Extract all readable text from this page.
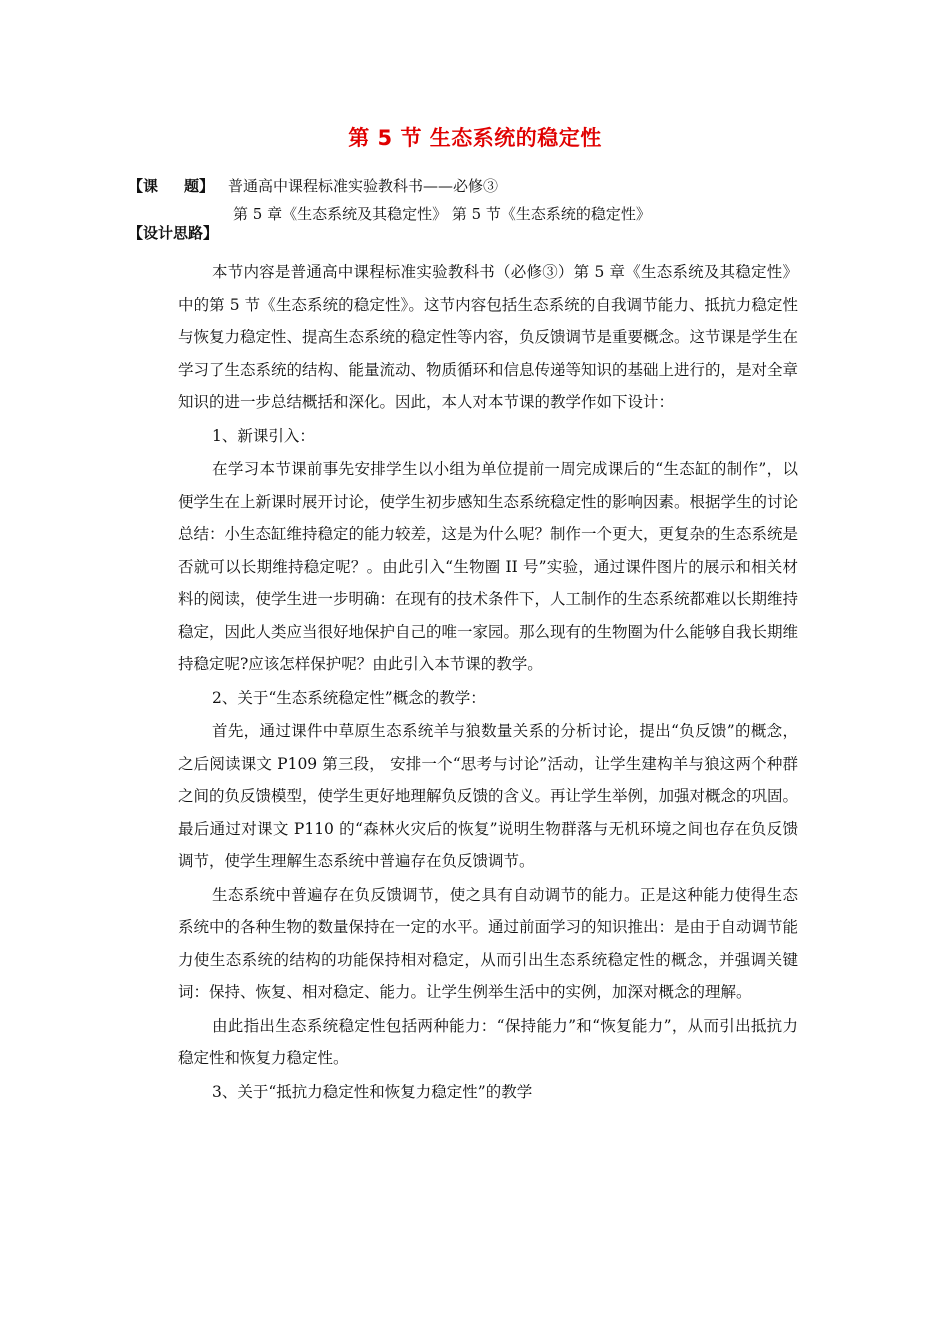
第 5 节 生态系统的稳定性
【课 题】 普通高中课程标准实验教科书——必修③
第 5 章《生态系统及其稳定性》 第 5 节《生态系统的稳定性》
【设计思路】

本节内容是普通高中课程标准实验教科书（必修③）第 5 章《生态系统及其稳定性》中的第 5 节《生态系统的稳定性》。这节内容包括生态系统的自我调节能力、抵抗力稳定性与恢复力稳定性、提高生态系统的稳定性等内容，负反馈调节是重要概念。这节课是学生在学习了生态系统的结构、能量流动、物质循环和信息传递等知识的基础上进行的，是对全章知识的进一步总结概括和深化。因此，本人对本节课的教学作如下设计：

1、新课引入：

在学习本节课前事先安排学生以小组为单位提前一周完成课后的“生态缸的制作”，以便学生在上新课时展开讨论，使学生初步感知生态系统稳定性的影响因素。根据学生的讨论总结：小生态缸维持稳定的能力较差，这是为什么呢？制作一个更大，更复杂的生态系统是否就可以长期维持稳定呢？。由此引入“生物圈 II 号”实验，通过课件图片的展示和相关材料的阅读，使学生进一步明确：在现有的技术条件下，人工制作的生态系统都难以长期维持稳定，因此人类应当很好地保护自己的唯一家园。那么现有的生物圈为什么能够自我长期维持稳定呢?应该怎样保护呢？由此引入本节课的教学。

2、关于“生态系统稳定性”概念的教学：

首先，通过课件中草原生态系统羊与狼数量关系的分析讨论，提出“负反馈”的概念，之后阅读课文 P109 第三段， 安排一个“思考与讨论”活动，让学生建构羊与狼这两个种群之间的负反馈模型，使学生更好地理解负反馈的含义。再让学生举例，加强对概念的巩固。最后通过对课文 P110 的“森林火灾后的恢复”说明生物群落与无机环境之间也存在负反馈调节，使学生理解生态系统中普遍存在负反馈调节。

生态系统中普遍存在负反馈调节，使之具有自动调节的能力。正是这种能力使得生态系统中的各种生物的数量保持在一定的水平。通过前面学习的知识推出：是由于自动调节能力使生态系统的结构的功能保持相对稳定，从而引出生态系统稳定性的概念，并强调关键词：保持、恢复、相对稳定、能力。让学生例举生活中的实例，加深对概念的理解。

由此指出生态系统稳定性包括两种能力：“保持能力”和“恢复能力”，从而引出抵抗力稳定性和恢复力稳定性。

3、关于“抵抗力稳定性和恢复力稳定性”的教学
